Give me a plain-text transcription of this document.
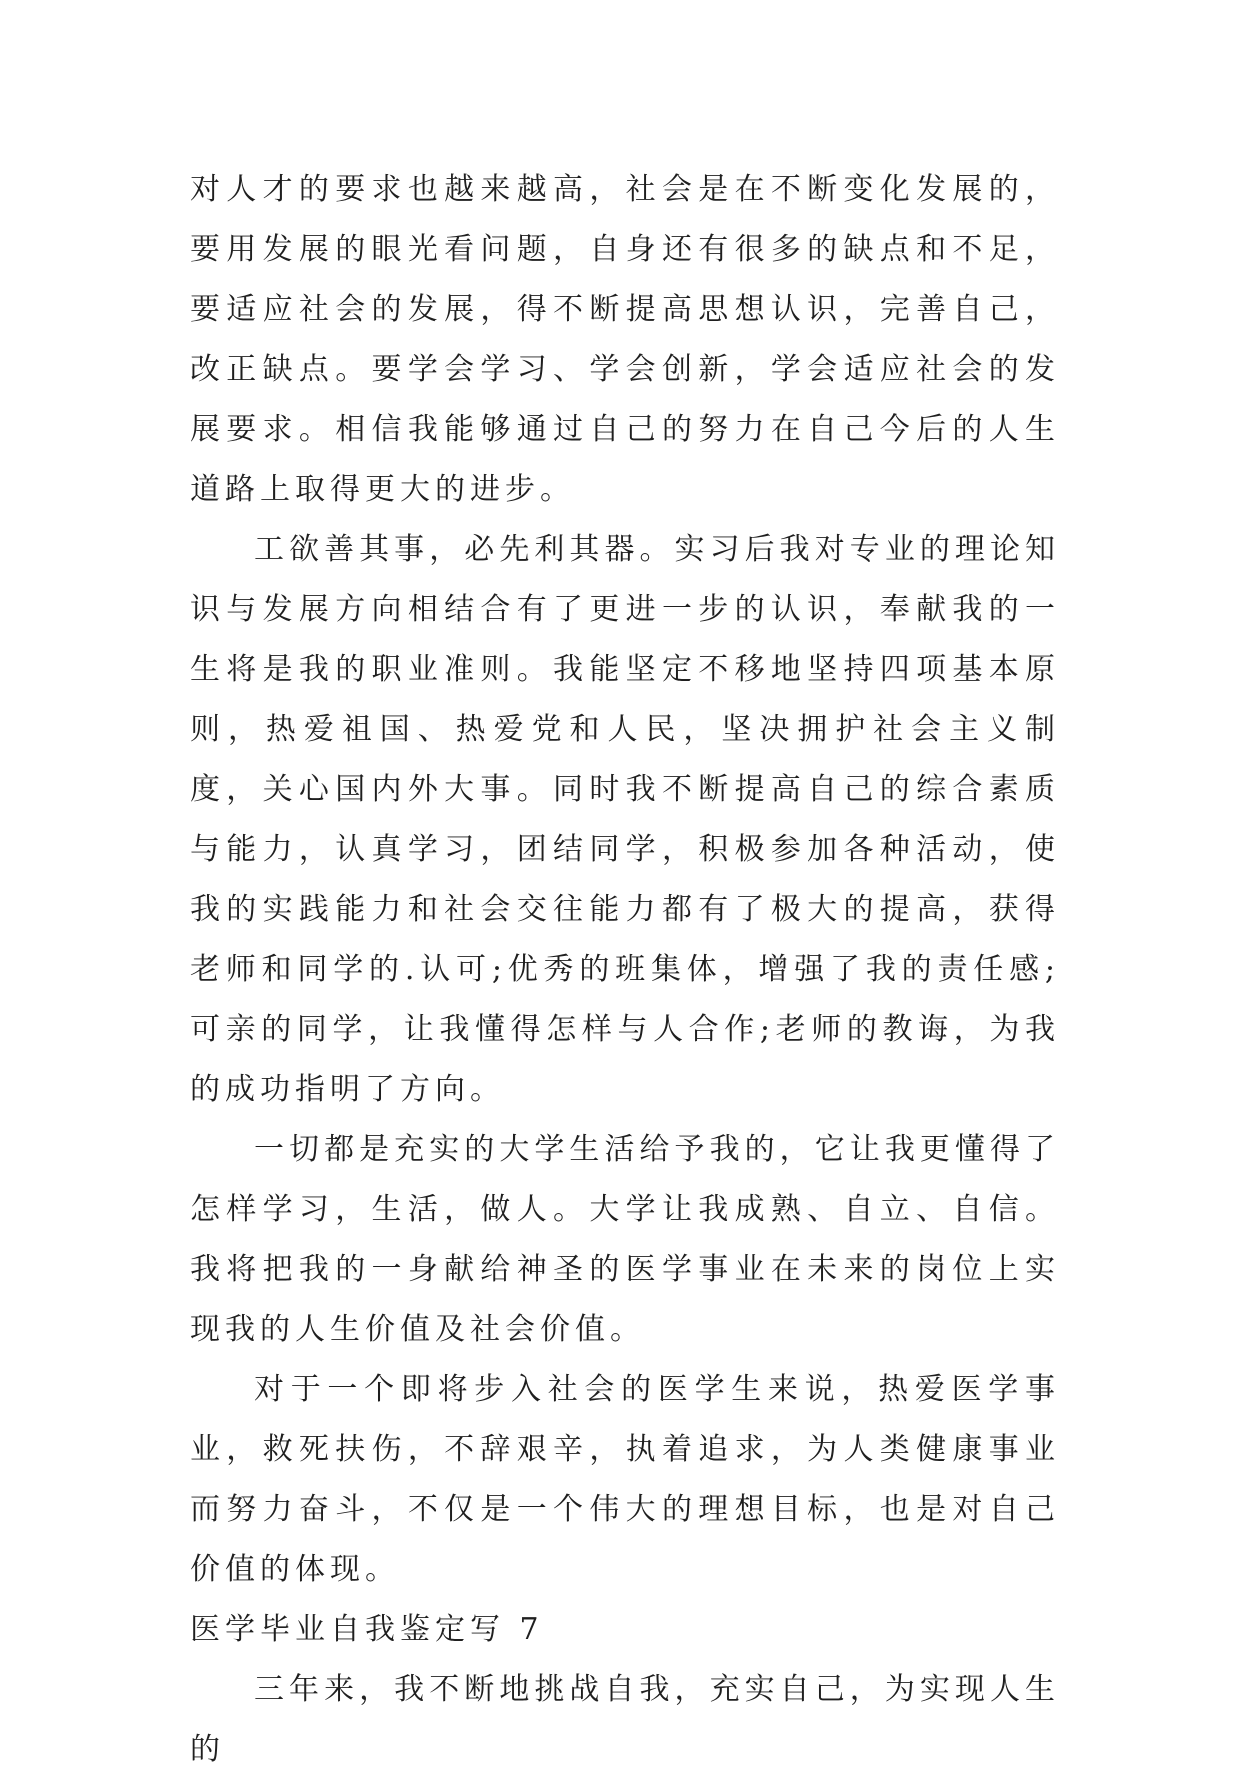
对人才的要求也越来越高，社会是在不断变化发展的，要用发展的眼光看问题，自身还有很多的缺点和不足，要适应社会的发展，得不断提高思想认识，完善自己，改正缺点。要学会学习、学会创新，学会适应社会的发展要求。相信我能够通过自己的努力在自己今后的人生道路上取得更大的进步。

工欲善其事，必先利其器。实习后我对专业的理论知识与发展方向相结合有了更进一步的认识，奉献我的一生将是我的职业准则。我能坚定不移地坚持四项基本原则，热爱祖国、热爱党和人民，坚决拥护社会主义制度，关心国内外大事。同时我不断提高自己的综合素质与能力，认真学习，团结同学，积极参加各种活动，使我的实践能力和社会交往能力都有了极大的提高，获得老师和同学的.认可;优秀的班集体，增强了我的责任感;可亲的同学，让我懂得怎样与人合作;老师的教诲，为我的成功指明了方向。

一切都是充实的大学生活给予我的，它让我更懂得了怎样学习，生活，做人。大学让我成熟、自立、自信。我将把我的一身献给神圣的医学事业在未来的岗位上实现我的人生价值及社会价值。

对于一个即将步入社会的医学生来说，热爱医学事业，救死扶伤，不辞艰辛，执着追求，为人类健康事业而努力奋斗，不仅是一个伟大的理想目标，也是对自己价值的体现。

医学毕业自我鉴定写 7

三年来，我不断地挑战自我，充实自己，为实现人生的
